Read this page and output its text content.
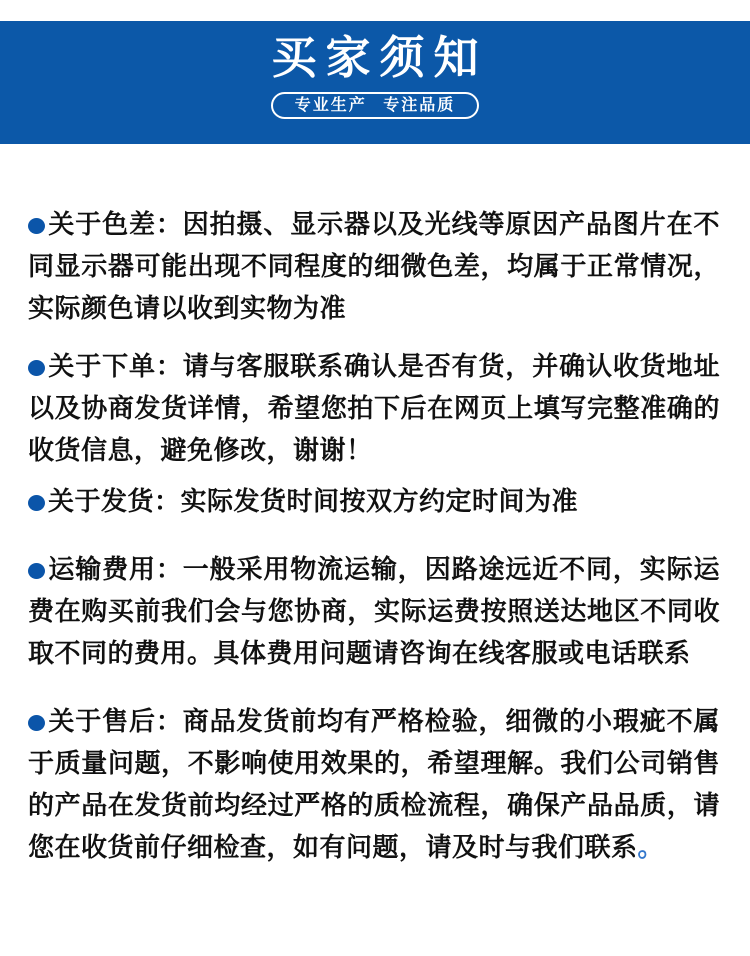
买家须知
专业生产 专注品质

关于色差：因拍摄、显示器以及光线等原因产品图片在不同显示器可能出现不同程度的细微色差，均属于正常情况，实际颜色请以收到实物为准

关于下单：请与客服联系确认是否有货，并确认收货地址以及协商发货详情，希望您拍下后在网页上填写完整准确的收货信息，避免修改，谢谢！

关于发货：实际发货时间按双方约定时间为准

运输费用：一般采用物流运输，因路途远近不同，实际运费在购买前我们会与您协商，实际运费按照送达地区不同收取不同的费用。具体费用问题请咨询在线客服或电话联系

关于售后：商品发货前均有严格检验，细微的小瑕疵不属于质量问题，不影响使用效果的，希望理解。我们公司销售的产品在发货前均经过严格的质检流程，确保产品品质，请您在收货前仔细检查，如有问题，请及时与我们联系。
